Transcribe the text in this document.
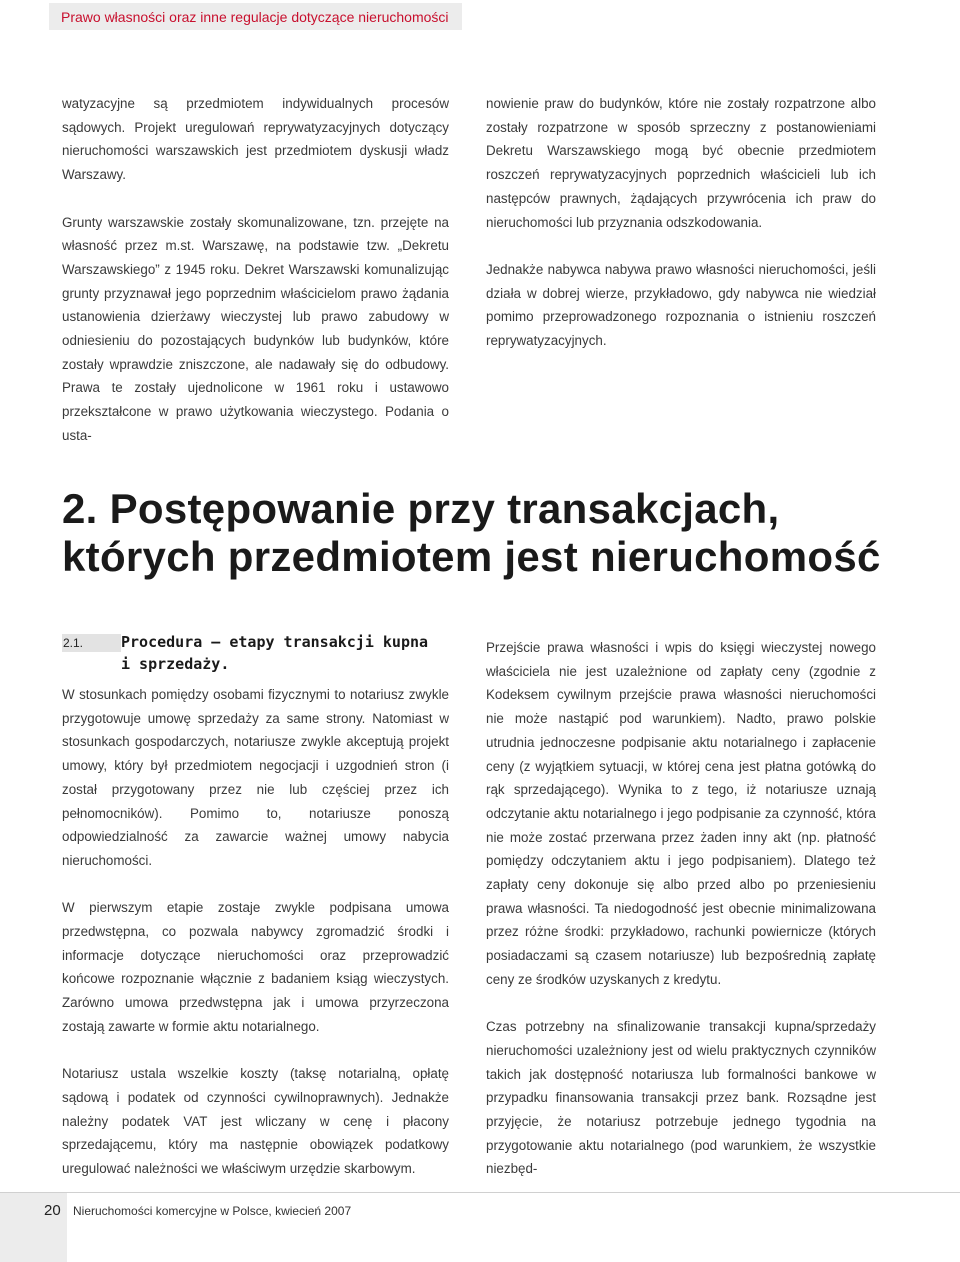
Prawo własności oraz inne regulacje dotyczące nieruchomości

watyzacyjne są przedmiotem indywidualnych procesów sądowych. Projekt uregulowań reprywatyzacyjnych dotyczący nieruchomości warszawskich jest przedmiotem dyskusji władz Warszawy.

Grunty warszawskie zostały skomunalizowane, tzn. przejęte na własność przez m.st. Warszawę, na podstawie tzw. „Dekretu Warszawskiego” z 1945 roku. Dekret Warszawski komunalizując grunty przyznawał jego poprzednim właścicielom prawo żądania ustanowienia dzierżawy wieczystej lub prawo zabudowy w odniesieniu do pozostających budynków lub budynków, które zostały wprawdzie zniszczone, ale nadawały się do odbudowy. Prawa te zostały ujednolicone w 1961 roku i ustawowo przekształcone w prawo użytkowania wieczystego. Podania o usta-

nowienie praw do budynków, które nie zostały rozpatrzone albo zostały rozpatrzone w sposób sprzeczny z postanowieniami Dekretu Warszawskiego mogą być obecnie przedmiotem roszczeń reprywatyzacyjnych poprzednich właścicieli lub ich następców prawnych, żądających przywrócenia ich praw do nieruchomości lub przyznania odszkodowania.

Jednakże nabywca nabywa prawo własności nieruchomości, jeśli działa w dobrej wierze, przykładowo, gdy nabywca nie wiedział pomimo przeprowadzonego rozpoznania o istnieniu roszczeń reprywatyzacyjnych.

2. Postępowanie przy transakcjach, których przedmiotem jest nieruchomość
2.1.	Procedura – etapy transakcji kupna i sprzedaży.

W stosunkach pomiędzy osobami fizycznymi to notariusz zwykle przygotowuje umowę sprzedaży za same strony. Natomiast w stosunkach gospodarczych, notariusze zwykle akceptują projekt umowy, który był przedmiotem negocjacji i uzgodnień stron (i został przygotowany przez nie lub częściej przez ich pełnomocników). Pomimo to, notariusze ponoszą odpowiedzialność za zawarcie ważnej umowy nabycia nieruchomości.

W pierwszym etapie zostaje zwykle podpisana umowa przedwstępna, co pozwala nabywcy zgromadzić środki i informacje dotyczące nieruchomości oraz przeprowadzić końcowe rozpoznanie włącznie z badaniem ksiąg wieczystych. Zarówno umowa przedwstępna jak i umowa przyrzeczona zostają zawarte w formie aktu notarialnego.

Notariusz ustala wszelkie koszty (taksę notarialną, opłatę sądową i podatek od czynności cywilnoprawnych). Jednakże należny podatek VAT jest wliczany w cenę i płacony sprzedającemu, który ma następnie obowiązek podatkowy uregulować należności we właściwym urzędzie skarbowym.

Przejście prawa własności i wpis do księgi wieczystej nowego właściciela nie jest uzależnione od zapłaty ceny (zgodnie z Kodeksem cywilnym przejście prawa własności nieruchomości nie może nastąpić pod warunkiem). Nadto, prawo polskie utrudnia jednoczesne podpisanie aktu notarialnego i zapłacenie ceny (z wyjątkiem sytuacji, w której cena jest płatna gotówką do rąk sprzedającego). Wynika to z tego, iż notariusze uznają odczytanie aktu notarialnego i jego podpisanie za czynność, która nie może zostać przerwana przez żaden inny akt (np. płatność pomiędzy odczytaniem aktu i jego podpisaniem). Dlatego też zapłaty ceny dokonuje się albo przed albo po przeniesieniu prawa własności. Ta niedogodność jest obecnie minimalizowana przez różne środki: przykładowo, rachunki powiernicze (których posiadaczami są czasem notariusze) lub bezpośrednią zapłatę ceny ze środków uzyskanych z kredytu.

Czas potrzebny na sfinalizowanie transakcji kupna/sprzedaży nieruchomości uzależniony jest od wielu praktycznych czynników takich jak dostępność notariusza lub formalności bankowe w przypadku finansowania transakcji przez bank. Rozsądne jest przyjęcie, że notariusz potrzebuje jednego tygodnia na przygotowanie aktu notarialnego (pod warunkiem, że wszystkie niezbęd-

20 Nieruchomości komercyjne w Polsce, kwiecień 2007
